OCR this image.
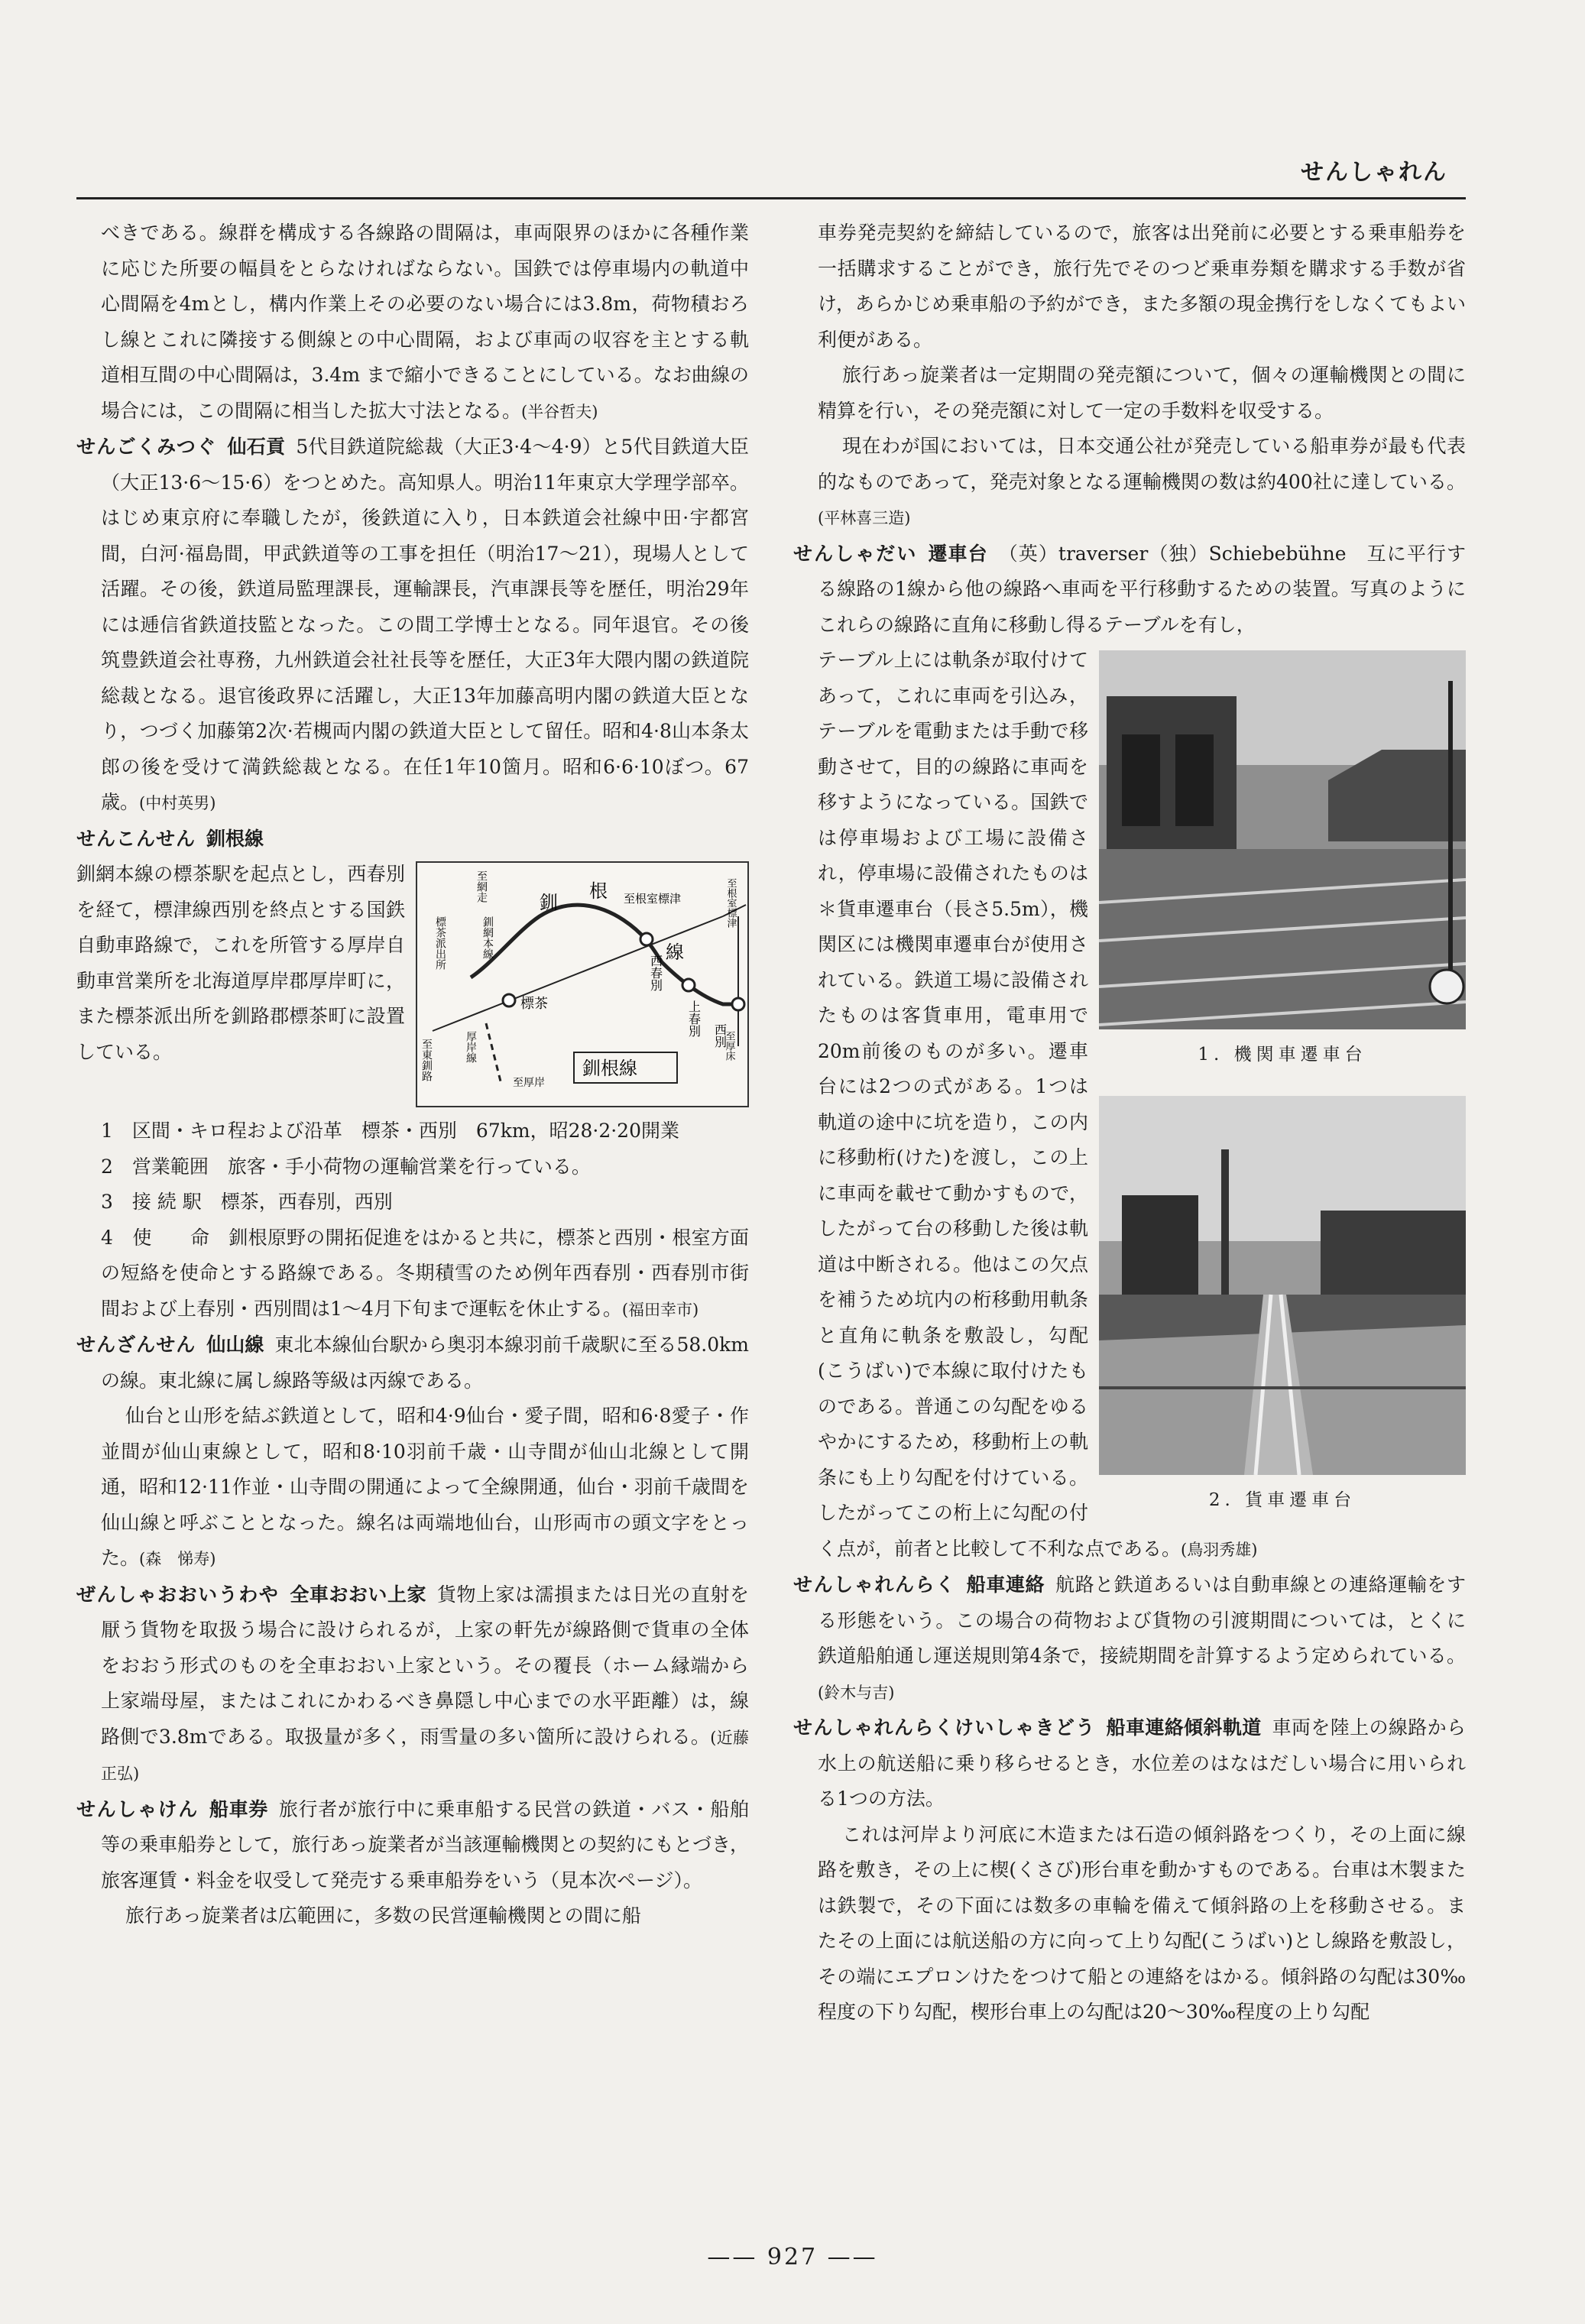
せんしゃれん

べきである。線群を構成する各線路の間隔は，車両限界のほかに各種作業に応じた所要の幅員をとらなければならない。国鉄では停車場内の軌道中心間隔を4mとし，構内作業上その必要のない場合には3.8m，荷物積おろし線とこれに隣接する側線との中心間隔，および車両の収容を主とする軌道相互間の中心間隔は，3.4m まで縮小できることにしている。なお曲線の場合には，この間隔に相当した拡大寸法となる。(半谷哲夫)

せんごくみつぐ 仙石貢 5代目鉄道院総裁（大正3·4〜4·9）と5代目鉄道大臣（大正13·6〜15·6）をつとめた。高知県人。明治11年東京大学理学部卒。はじめ東京府に奉職したが，後鉄道に入り，日本鉄道会社線中田·宇都宮間，白河·福島間，甲武鉄道等の工事を担任（明治17〜21），現場人として活躍。その後，鉄道局監理課長，運輸課長，汽車課長等を歴任，明治29年には逓信省鉄道技監となった。この間工学博士となる。同年退官。その後筑豊鉄道会社専務，九州鉄道会社社長等を歴任，大正3年大隈内閣の鉄道院総裁となる。退官後政界に活躍し，大正13年加藤高明内閣の鉄道大臣となり，つづく加藤第2次·若槻両内閣の鉄道大臣として留任。昭和4·8山本条太郎の後を受けて満鉄総裁となる。在任1年10箇月。昭和6·6·10ぼつ。67歳。(中村英男)

せんこんせん 釧根線

標茶
西春別
上春別 西別
釧
根
線
至根室標津
至網走
釧網本線
標茶派出所
至東釧路	厚岸線
至厚岸
至根室標津
至厚床
釧根線

釧網本線の標茶駅を起点とし，西春別を経て，標津線西別を終点とする国鉄自動車路線で，これを所管する厚岸自動車営業所を北海道厚岸郡厚岸町に，また標茶派出所を釧路郡標茶町に設置している。

1　区間・キロ程および沿革　標茶・西別　67km，昭28·2·20開業

2　営業範囲　旅客・手小荷物の運輸営業を行っている。

3　接 続 駅　標茶，西春別，西別

4　使　　命　釧根原野の開拓促進をはかると共に，標茶と西別・根室方面の短絡を使命とする路線である。冬期積雪のため例年西春別・西春別市街間および上春別・西別間は1〜4月下旬まで運転を休止する。(福田幸市)

せんざんせん 仙山線 東北本線仙台駅から奥羽本線羽前千歳駅に至る58.0km の線。東北線に属し線路等級は丙線である。

仙台と山形を結ぶ鉄道として，昭和4·9仙台・愛子間，昭和6·8愛子・作並間が仙山東線として，昭和8·10羽前千歳・山寺間が仙山北線として開通，昭和12·11作並・山寺間の開通によって全線開通，仙台・羽前千歳間を仙山線と呼ぶこととなった。線名は両端地仙台，山形両市の頭文字をとった。(森　悌寿)

ぜんしゃおおいうわや 全車おおい上家 貨物上家は濡損または日光の直射を厭う貨物を取扱う場合に設けられるが，上家の軒先が線路側で貨車の全体をおおう形式のものを全車おおい上家という。その覆長（ホーム縁端から上家端母屋，またはこれにかわるべき鼻隠し中心までの水平距離）は，線路側で3.8mである。取扱量が多く，雨雪量の多い箇所に設けられる。(近藤正弘)

せんしゃけん 船車券 旅行者が旅行中に乗車船する民営の鉄道・バス・船舶等の乗車船券として，旅行あっ旋業者が当該運輸機関との契約にもとづき，旅客運賃・料金を収受して発売する乗車船券をいう（見本次ページ）。

旅行あっ旋業者は広範囲に，多数の民営運輸機関との間に船

車券発売契約を締結しているので，旅客は出発前に必要とする乗車船券を一括購求することができ，旅行先でそのつど乗車券類を購求する手数が省け，あらかじめ乗車船の予約ができ，また多額の現金携行をしなくてもよい利便がある。

旅行あっ旋業者は一定期間の発売額について，個々の運輸機関との間に精算を行い，その発売額に対して一定の手数料を収受する。

現在わが国においては，日本交通公社が発売している船車券が最も代表的なものであって，発売対象となる運輸機関の数は約400社に達している。(平林喜三造)

せんしゃだい 遷車台 （英）traverser（独）Schiebebühne　互に平行する線路の1線から他の線路へ車両を平行移動するための装置。写真のようにこれらの線路に直角に移動し得るテーブルを有し，

1. 機関車遷車台
2. 貨車遷車台

テーブル上には軌条が取付けてあって，これに車両を引込み，テーブルを電動または手動で移動させて，目的の線路に車両を移すようになっている。国鉄では停車場および工場に設備され，停車場に設備されたものは＊貨車遷車台（長さ5.5m），機関区には機関車遷車台が使用されている。鉄道工場に設備されたものは客貨車用，電車用で20m前後のものが多い。遷車台には2つの式がある。1つは軌道の途中に坑を造り，この内に移動桁(けた)を渡し，この上に車両を載せて動かすもので，したがって台の移動した後は軌道は中断される。他はこの欠点を補うため坑内の桁移動用軌条と直角に軌条を敷設し，勾配(こうばい)で本線に取付けたものである。普通この勾配をゆるやかにするため，移動桁上の軌条にも上り勾配を付けている。したがってこの桁上に勾配の付く点が，前者と比較して不利な点である。(鳥羽秀雄)

せんしゃれんらく 船車連絡 航路と鉄道あるいは自動車線との連絡運輸をする形態をいう。この場合の荷物および貨物の引渡期間については，とくに鉄道船舶通し運送規則第4条で，接続期間を計算するよう定められている。(鈴木与吉)

せんしゃれんらくけいしゃきどう 船車連絡傾斜軌道 車両を陸上の線路から水上の航送船に乗り移らせるとき，水位差のはなはだしい場合に用いられる1つの方法。

これは河岸より河底に木造または石造の傾斜路をつくり，その上面に線路を敷き，その上に楔(くさび)形台車を動かすものである。台車は木製または鉄製で，その下面には数多の車輪を備えて傾斜路の上を移動させる。またその上面には航送船の方に向って上り勾配(こうばい)とし線路を敷設し，その端にエプロンけたをつけて船との連絡をはかる。傾斜路の勾配は30‰程度の下り勾配，楔形台車上の勾配は20〜30‰程度の上り勾配

—— 927 ——
